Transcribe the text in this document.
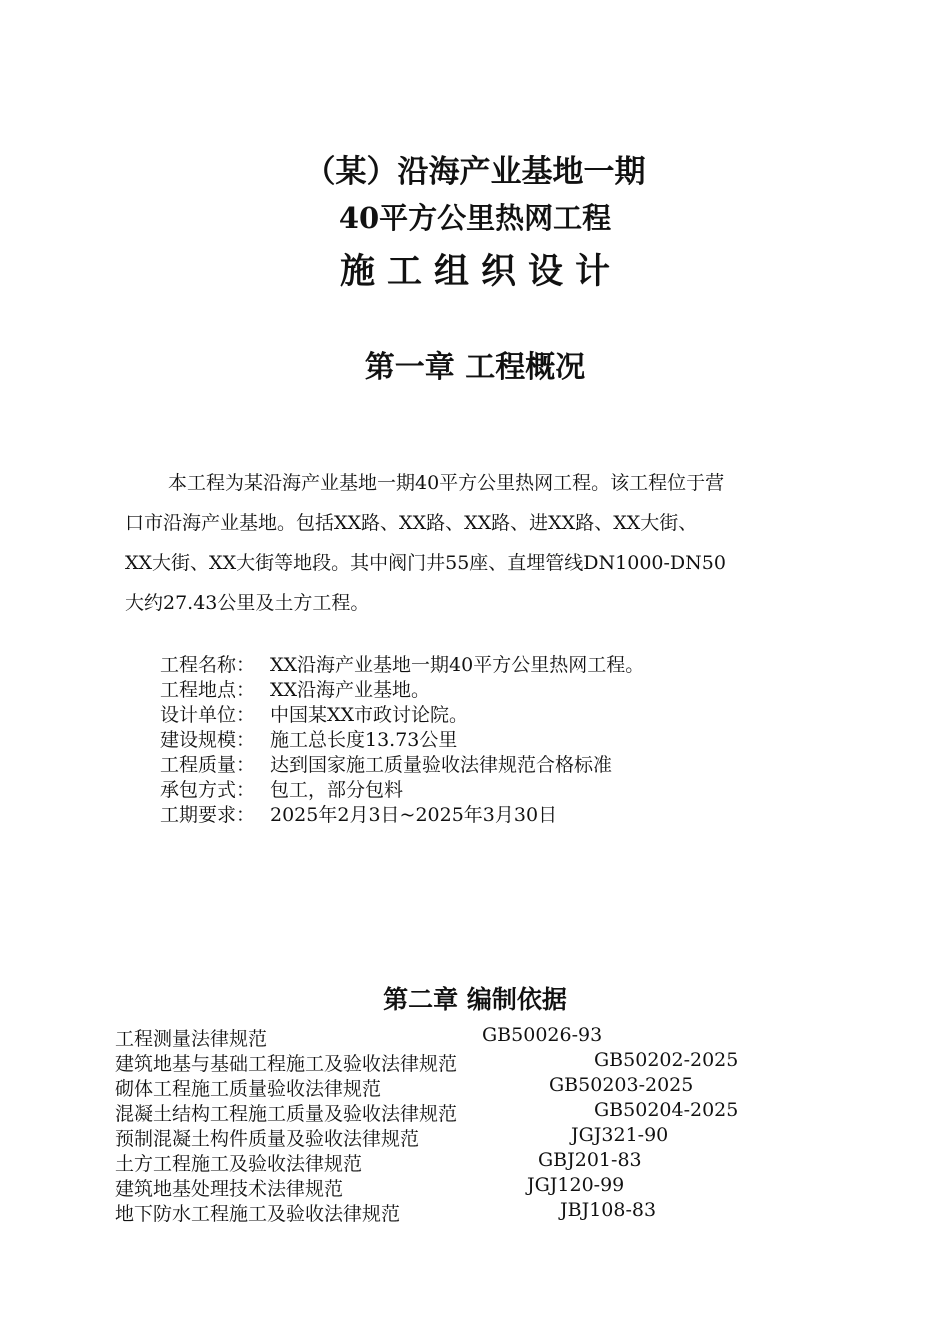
（某）沿海产业基地一期
40平方公里热网工程
施工组织设计
第一章 工程概况
本工程为某沿海产业基地一期40平方公里热网工程。该工程位于营
口市沿海产业基地。包括XX路、XX路、XX路、进XX路、XX大街、
XX大街、XX大街等地段。其中阀门井55座、直埋管线DN1000-DN50
大约27.43公里及土方工程。
工程名称： XX沿海产业基地一期40平方公里热网工程。
工程地点： XX沿海产业基地。
设计单位： 中国某XX市政讨论院。
建设规模： 施工总长度13.73公里
工程质量： 达到国家施工质量验收法律规范合格标准
承包方式： 包工，部分包料
工期要求： 2025年2月3日~2025年3月30日
第二章 编制依据
工程测量法律规范	GB50026-93
建筑地基与基础工程施工及验收法律规范	GB50202-2025
砌体工程施工质量验收法律规范	GB50203-2025
混凝土结构工程施工质量及验收法律规范	GB50204-2025
预制混凝土构件质量及验收法律规范	JGJ321-90
土方工程施工及验收法律规范	GBJ201-83
建筑地基处理技术法律规范	JGJ120-99
地下防水工程施工及验收法律规范	JBJ108-83
